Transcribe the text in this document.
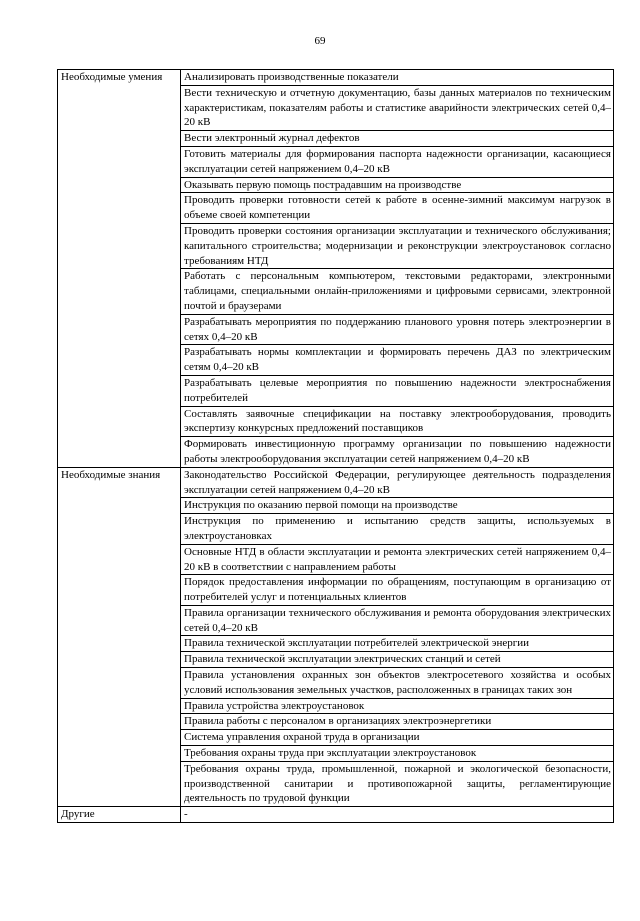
69
Необходимые умения	Анализировать производственные показатели
	Вести техническую и отчетную документацию, базы данных материалов по техническим характеристикам, показателям работы и статистике аварийности электрических сетей 0,4–20 кВ
	Вести электронный журнал дефектов
	Готовить материалы для формирования паспорта надежности организации, касающиеся эксплуатации сетей напряжением 0,4–20 кВ
	Оказывать первую помощь пострадавшим на производстве
	Проводить проверки готовности сетей к работе в осенне-зимний максимум нагрузок в объеме своей компетенции
	Проводить проверки состояния организации эксплуатации и технического обслуживания; капитального строительства; модернизации и реконструкции электроустановок согласно требованиям НТД
	Работать с персональным компьютером, текстовыми редакторами, электронными таблицами, специальными онлайн-приложениями и цифровыми сервисами, электронной почтой и браузерами
	Разрабатывать мероприятия по поддержанию планового уровня потерь электроэнергии в сетях 0,4–20 кВ
	Разрабатывать нормы комплектации и формировать перечень ДАЗ по электрическим сетям 0,4–20 кВ
	Разрабатывать целевые мероприятия по повышению надежности электроснабжения потребителей
	Составлять заявочные спецификации на поставку электрооборудования, проводить экспертизу конкурсных предложений поставщиков
	Формировать инвестиционную программу организации по повышению надежности работы электрооборудования эксплуатации сетей напряжением 0,4–20 кВ
Необходимые знания	Законодательство Российской Федерации, регулирующее деятельность подразделения эксплуатации сетей напряжением 0,4–20 кВ
	Инструкция по оказанию первой помощи на производстве
	Инструкция по применению и испытанию средств защиты, используемых в электроустановках
	Основные НТД в области эксплуатации и ремонта электрических сетей напряжением 0,4–20 кВ в соответствии с направлением работы
	Порядок предоставления информации по обращениям, поступающим в организацию от потребителей услуг и потенциальных клиентов
	Правила организации технического обслуживания и ремонта оборудования электрических сетей 0,4–20 кВ
	Правила технической эксплуатации потребителей электрической энергии
	Правила технической эксплуатации электрических станций и сетей
	Правила установления охранных зон объектов электросетевого хозяйства и особых условий использования земельных участков, расположенных в границах таких зон
	Правила устройства электроустановок
	Правила работы с персоналом в организациях электроэнергетики
	Система управления охраной труда в организации
	Требования охраны труда при эксплуатации электроустановок
	Требования охраны труда, промышленной, пожарной и экологической безопасности, производственной санитарии и противопожарной защиты, регламентирующие деятельность по трудовой функции
Другие	-
